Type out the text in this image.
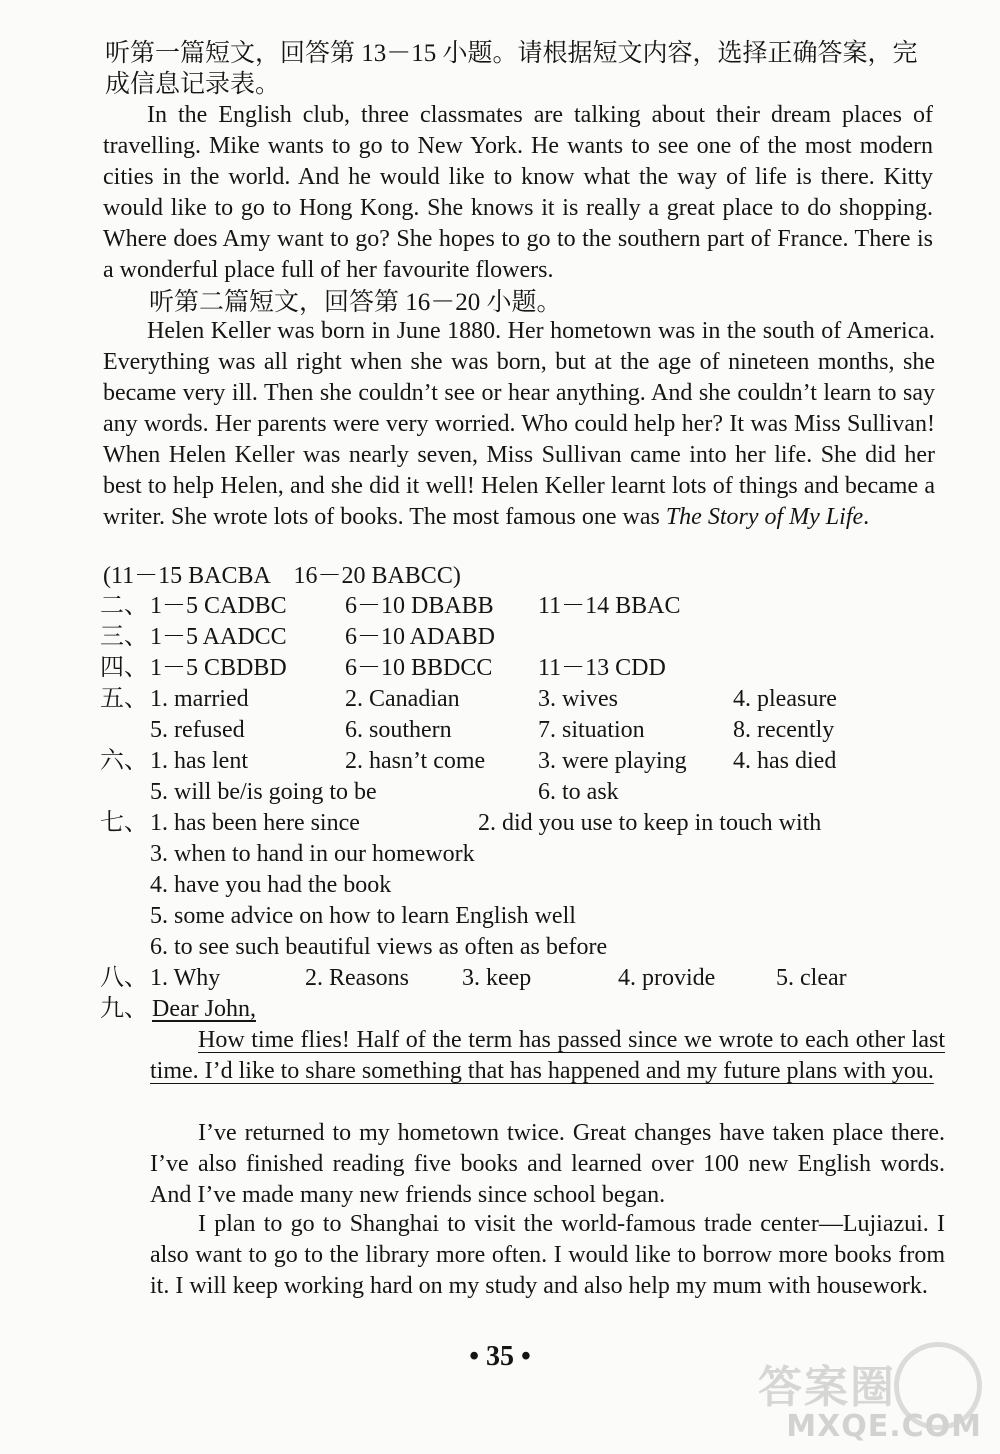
听第一篇短文，回答第 13－15 小题。请根据短文内容，选择正确答案，完成信息记录表。
In the English club, three classmates are talking about their dream places of travelling. Mike wants to go to New York. He wants to see one of the most modern cities in the world. And he would like to know what the way of life is there. Kitty would like to go to Hong Kong. She knows it is really a great place to do shopping. Where does Amy want to go? She hopes to go to the southern part of France. There is a wonderful place full of her favourite flowers.
听第二篇短文，回答第 16－20 小题。
Helen Keller was born in June 1880. Her hometown was in the south of America. Everything was all right when she was born, but at the age of nineteen months, she became very ill. Then she couldn’t see or hear anything. And she couldn’t learn to say any words. Her parents were very worried. Who could help her? It was Miss Sullivan! When Helen Keller was nearly seven, Miss Sullivan came into her life. She did her best to help Helen, and she did it well! Helen Keller learnt lots of things and became a writer. She wrote lots of books. The most famous one was The Story of My Life.
(11－15 BACBA　16－20 BABCC)
二、 1－5 CADBC 6－10 DBABB 11－14 BBAC
三、 1－5 AADCC 6－10 ADABD
四、 1－5 CBDBD 6－10 BBDCC 11－13 CDD
五、 1. married	2. Canadian	3. wives	4. pleasure
5. refused	6. southern	7. situation	8. recently
六、 1. has lent	2. hasn’t come 3. were playing 4. has died
5. will be/is going to be	6. to ask
七、 1. has been here since	2. did you use to keep in touch with
3. when to hand in our homework
4. have you had the book
5. some advice on how to learn English well
6. to see such beautiful views as often as before
八、 1. Why	2. Reasons 3. keep	4. provide	5. clear
九、 Dear John,
How time flies! Half of the term has passed since we wrote to each other last time. I’d like to share something that has happened and my future plans with you.
I’ve returned to my hometown twice. Great changes have taken place there. I’ve also finished reading five books and learned over 100 new English words. And I’ve made many new friends since school began.
I plan to go to Shanghai to visit the world-famous trade center—Lujiazui. I also want to go to the library more often. I would like to borrow more books from it. I will keep working hard on my study and also help my mum with housework.
• 35 •
答案圈
MXQE.COM
